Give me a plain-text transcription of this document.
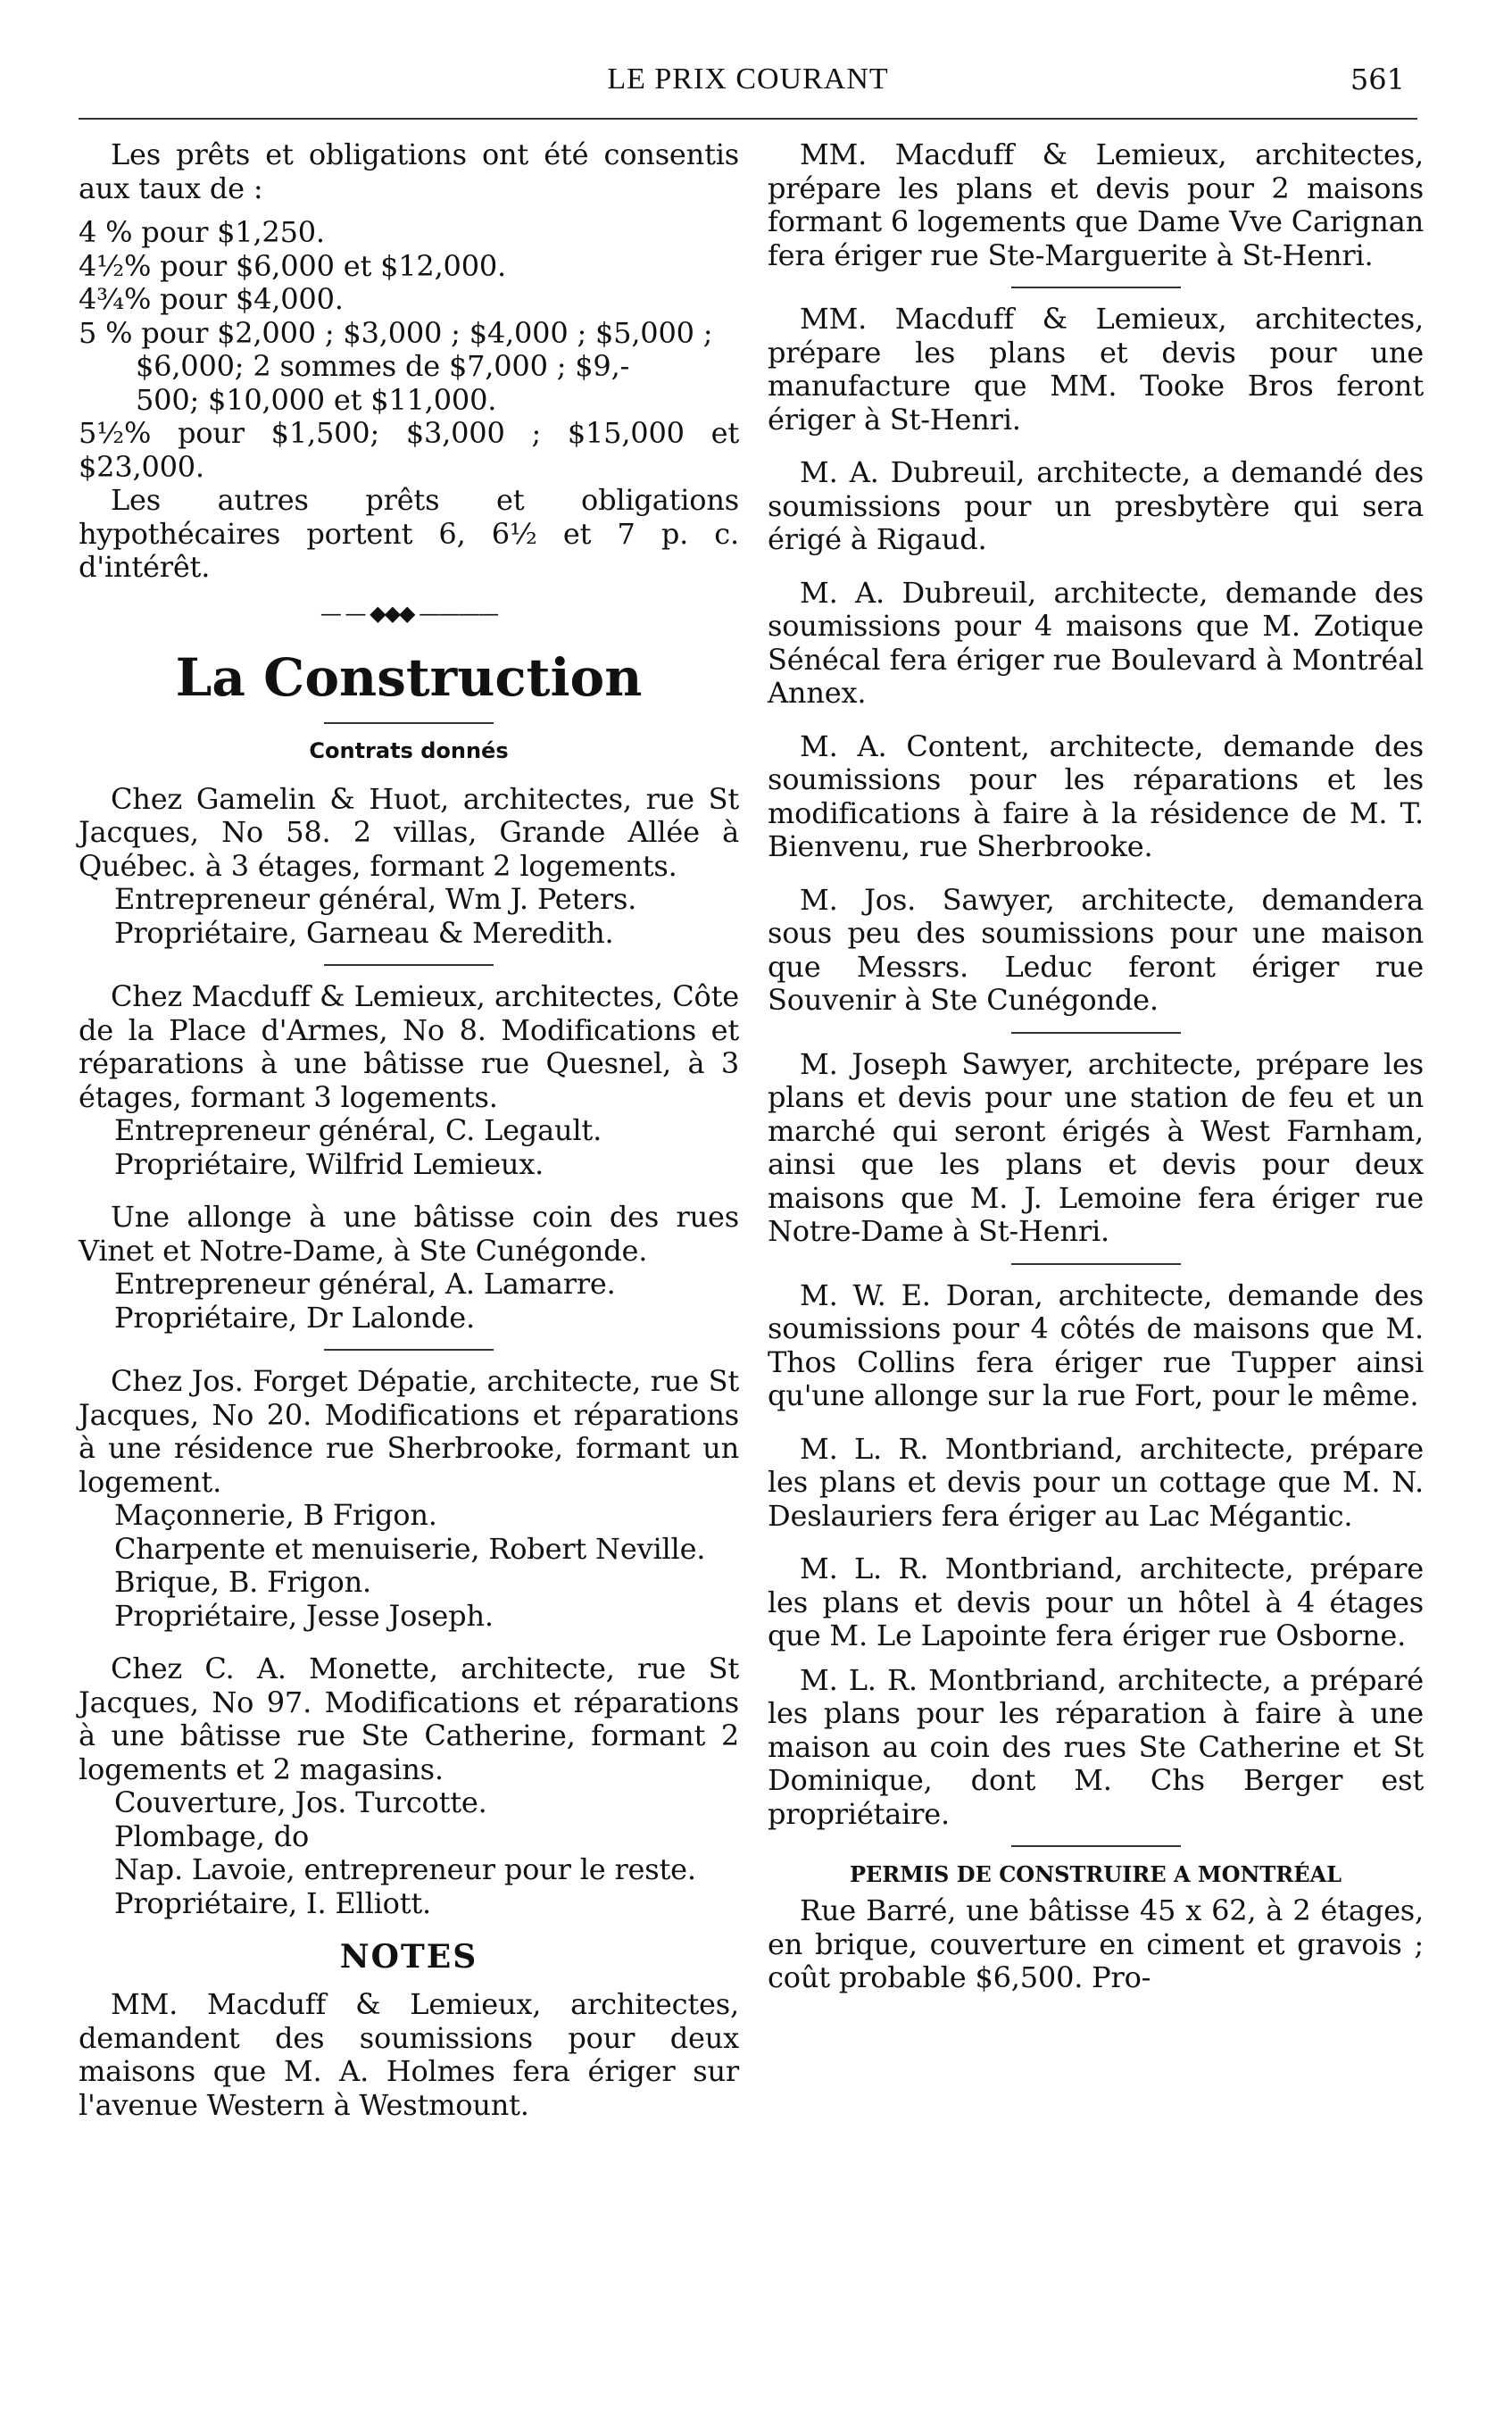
LE PRIX COURANT	561

Les prêts et obligations ont été consentis aux taux de :

4 % pour $1,250.

4½% pour $6,000 et $12,000.

4¾% pour $4,000.

5 % pour $2,000 ; $3,000 ; $4,000 ; $5,000 ;

$6,000; 2 sommes de $7,000 ; $9,-

500; $10,000 et $11,000.

5½% pour $1,500; $3,000 ; $15,000 et $23,000.

Les autres prêts et obligations hypothécaires portent 6, 6½ et 7 p. c. d'intérêt.

— — ◆◆◆ ————
La Construction
Contrats donnés

Chez Gamelin & Huot, architectes, rue St Jacques, No 58. 2 villas, Grande Allée à Québec. à 3 étages, formant 2 logements.

Entrepreneur général, Wm J. Peters.

Propriétaire, Garneau & Meredith.

Chez Macduff & Lemieux, architectes, Côte de la Place d'Armes, No 8. Modifications et réparations à une bâtisse rue Quesnel, à 3 étages, formant 3 logements.

Entrepreneur général, C. Legault.

Propriétaire, Wilfrid Lemieux.

Une allonge à une bâtisse coin des rues Vinet et Notre-Dame, à Ste Cunégonde.

Entrepreneur général, A. Lamarre.

Propriétaire, Dr Lalonde.

Chez Jos. Forget Dépatie, architecte, rue St Jacques, No 20. Modifications et réparations à une résidence rue Sherbrooke, formant un logement.

Maçonnerie, B Frigon.

Charpente et menuiserie, Robert Neville.

Brique, B. Frigon.

Propriétaire, Jesse Joseph.

Chez C. A. Monette, architecte, rue St Jacques, No 97. Modifications et réparations à une bâtisse rue Ste Catherine, formant 2 logements et 2 magasins.

Couverture, Jos. Turcotte.

Plombage, do

Nap. Lavoie, entrepreneur pour le reste.

Propriétaire, I. Elliott.

NOTES

MM. Macduff & Lemieux, architectes, demandent des soumissions pour deux maisons que M. A. Holmes fera ériger sur l'avenue Western à Westmount.

MM. Macduff & Lemieux, architectes, prépare les plans et devis pour 2 maisons formant 6 logements que Dame Vve Carignan fera ériger rue Ste-Marguerite à St-Henri.

MM. Macduff & Lemieux, architectes, prépare les plans et devis pour une manufacture que MM. Tooke Bros feront ériger à St-Henri.

M. A. Dubreuil, architecte, a demandé des soumissions pour un presbytère qui sera érigé à Rigaud.

M. A. Dubreuil, architecte, demande des soumissions pour 4 maisons que M. Zotique Sénécal fera ériger rue Boulevard à Montréal Annex.

M. A. Content, architecte, demande des soumissions pour les réparations et les modifications à faire à la résidence de M. T. Bienvenu, rue Sherbrooke.

M. Jos. Sawyer, architecte, demandera sous peu des soumissions pour une maison que Messrs. Leduc feront ériger rue Souvenir à Ste Cunégonde.

M. Joseph Sawyer, architecte, prépare les plans et devis pour une station de feu et un marché qui seront érigés à West Farnham, ainsi que les plans et devis pour deux maisons que M. J. Lemoine fera ériger rue Notre-Dame à St-Henri.

M. W. E. Doran, architecte, demande des soumissions pour 4 côtés de maisons que M. Thos Collins fera ériger rue Tupper ainsi qu'une allonge sur la rue Fort, pour le même.

M. L. R. Montbriand, architecte, prépare les plans et devis pour un cottage que M. N. Deslauriers fera ériger au Lac Mégantic.

M. L. R. Montbriand, architecte, prépare les plans et devis pour un hôtel à 4 étages que M. Le Lapointe fera ériger rue Osborne.

M. L. R. Montbriand, architecte, a préparé les plans pour les réparation à faire à une maison au coin des rues Ste Catherine et St Dominique, dont M. Chs Berger est propriétaire.

PERMIS DE CONSTRUIRE A MONTRÉAL

Rue Barré, une bâtisse 45 x 62, à 2 étages, en brique, couverture en ciment et gravois ; coût probable $6,500. Pro-
